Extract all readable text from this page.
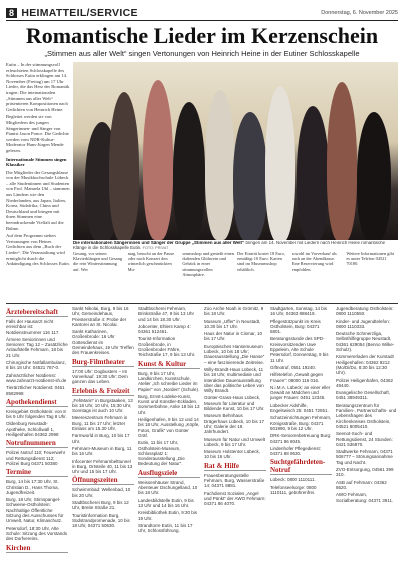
8 HEIMATTEIL/SERVICE	Donnerstag, 6. November 2025
Romantische Lieder im Kerzenschein
„Stimmen aus aller Welt“ singen Vertonungen von Heinrich Heine in der Eutiner Schlosskapelle

Eutin – In der stimmungsvoll erleuchteten Schlosskapelle des Schlosses Eutin erklingen am 14. November (Freitag) um 17 Uhr Lieder, die das Herz der Romantik tragen: Die internationalen „Stimmen aus aller Welt“ präsentieren Kompositionen nach Gedichten von Heinrich Heine.

Begleitet werden sie von Mitgliedern des jungen Sängerinnen- und Sänger von Pianist Jason Ponce. Die Gedichte werden vom NDR-Kultur-Moderator Hans-Jürgen Mende gelesen.

Internationale Stimmen singen Klassiker

Die Mitglieder der Gesangsklasse von der Musikhochschule Lübeck – alle Studentinnen und Studenten von Prof. Manuela Uhl – stammen aus Ländern wie den Niederlanden, aus Japan, Italien, Korea, Südafrika, China und Deutschland und bringen mit ihren Stimmen eine beeindruckende Vielfalt auf die Bühne.

Auf dem Programm stehen Vertonungen von Heines Gedichten aus dem „Buch der Lieder“. Die Veranstaltung wird ermöglicht durch die Ankündigung des Schlosses Eutin.

Die internationalen Sängerinnen und Sänger der Gruppe „Stimmen aus aller Welt“ bringen am 14. November mit Liedern nach Heinrich Heine romantische Klänge in die Schlosskapelle Eutin. FOTO: PRIVAT
Gesang, vor seinen Klavierklängen und Gesang die rein Winterstimmung auf. Wer
mag, besucht an der Pause oder nach Konzert den winterlich geschmückten Mu-
seumsshop und genießt einen duftenden Glühwein und Gebäck in einer stimmungsvollen Atmosphäre.
Der Eintritt kostet 18 Euro, ermäßigt 10 Euro. Karten sind im Museumsshop erhältlich.
sowohl im Vorverkauf als auch an der Abendkasse. Eine Reservierung wird empfohlen.
Weitere Informationen gibt es unter Telefon 04521 70180.
Ärztebereitschaft

Falls der Hausarzt nicht erreichbar ist: Notdienstnummer 116 117.

Ärmere Seniorinnen und Senioren: Tag 12 – Zusätzliche Anlaufstelle Fehmarn, 18 bis 21 Uhr.

Chirurgische Notfallambulanz, 8 bis 18 Uhr: 04521 787-0.

Zahnärztlicher Notdienst: www.zahnarzt-notdienst-sh.de

Tierärztlicher Notdienst: 0461 8582998

Apothekendienst

Kreisgebiet Ostholstein: von 8 bis 9 Uhr folgenden Tag 8 Uhr.

Oldenburg Neustadt-Apotheke, Schloßwall 1, Heiligenhafen 04362 2998

Notrufnummern

Polizei Notruf 110; Feuerwehr und Rettungsdienst 112; Polizei Burg 04371 50380

Termine

Burg, 14 bis 17:30 Uhr, St. Christian D., Hans Thoma, Jugendfreizeit.

Burg, 18 Uhr, Stirnspangel-Schweine-Ostholstein: Nachhaltige Öffentliche Sitzung des Ausschusses für Umwelt, Natur, Klimaschutz.

Petersdorf, 18:30 Uhr, Alte Schule: Sitzung des Vorstands des Dorfvereins.

Kirchen

Sankt Nikolai, Burg, 9 bis 16 Uhr, Gemeindehaus, Priesterstraße 4: Probe der Kantorei an St. Nicolai.

Sankt Katharinen, Großenbrode: 16 Uhr Gottesdienst im Gemeindehaus, 19 Uhr Treffen des Frauenkreises.

Burg-Filmtheater

17:00 Uhr: Dogbusters – Im Vorverkauf. 19:30 Uhr: Dem ganzen das Leben.

Erlebnis & Freizeit

„FehMarin“ in Burgstaaken, 13 bis 18 Uhr, 10 Uhr, 15:30 Uhr, Sonntags ist auch 10 Uhr.

Meereszentrum Fehmarn in Burg, 11 bis 17 Uhr; letzter Einlass um 15.30 Uhr.

Farmworld in Burg, 10 bis 17 Uhr.

Fehmarn-Museum in Burg, 11 bis 16 Uhr.

Infocenter Fehmarnbelttunnel in Burg, Ortsteile 40, 11 bis 13 Uhr und 15 bis 17 Uhr.

Öffnungszeiten

Schwimmbad: Wellenbad, 10 bis 20 Uhr.

Stadtbücherei Burg, 9 bis 12 Uhr, Breite Straße 21.

Touristinformation Burg, Südstrandpromenade, 10 bis 18 Uhr, 04371 50630.

Stadtbücherei Fehmarn, Brinkstraße 47, 9 bis 13 Uhr und 14 bis 18.30 Uhr.

Jobcenter, Ehlers Kamp 4: 04361 512461.

Tourist-Information Großenbrode, in Großenbroder Fähre, Teichstraße 17, 9 bis 13 Uhr.

Kunst & Kultur

Burg, 9 bis 17 Uhr, Landkirchen, Kunstschule, Atelier „Ich schreibe Lieder im Papier“ von „Norden“ (Schule).

Burg, Ernst-Lüdeke-Kunst, Kunst und Künstler-Eckladen, Sommerbühne, Anke 18 bis 13 Uhr.

Heiligenhafen, 9 bis 12 und 14 bis 18 Uhr, Ausstellung „Köpfe, Fotos, Grafik“ von Günter Gräf.

Eutin, 11 bis 17 Uhr, Ostholstein-Museum, Schlossplatz 1: Sonderausstellung „Die Bedeutung der Natur“.

Ausflugsziele

Weissenhäuser Strand, Abenteuer Dschungelland, 10 bis 18 Uhr.

Landesbildstelle Eutin, 9 bis 13 Uhr und 14 bis 16 Uhr.

Kreisbibliothek Eutin, 9:30 bis 19 Uhr.

Strandtorre Eutin, 11 bis 17 Uhr, Schlossführung.

Zoo Arche Noah in Grömitz, 9 bis 18 Uhr.

Museum „Uffer“ in Neustadt, 10.30 bis 17 Uhr.

Haus der Natur in Cismar, 10 bis 17 Uhr.

Europäisches Hansemuseum Lübeck, 10 bis 18 Uhr; Dauerausstellung „Die Hanse“ – eine faszinierende Zeitreise.

Willy-Brandt-Haus Lübeck, 11 bis 18 Uhr, multimediale und interaktive Dauerausstellung über das politische Leben von Willy Brandt.

Günter-Grass-Haus Lübeck, Museum für Literatur und Bildende Kunst, 10 bis 17 Uhr.

Museum Behnhaus Drägerhaus Lübeck, 10 bis 17 Uhr; Galerie der 19. Jahrhundert.

Museum für Natur und Umwelt Lübeck, 9 bis 17 Uhr.

Museum Holstentor Lübeck, 10 bis 16 Uhr.

Rat & Hilfe

Frauenberatungsstelle Fehmarn, Burg, Wasserstraße 14: 04371 8881.

Fachdienst Soziales „Angel und Pünkt“ der AWO Fehmarn: 04371 86 4070.

Stadtgarten, Sonntag, 14 bis 16 Uhr, 04363 888419.

Pflegestützpunkt im Kreis Ostholstein, Burg: 04371 5801.

Beratungsstunde des SPD-Kreisvorsitzenden Uwe Eppeleim, Alte Schule Petersdorf, Donnerstag, 9 bis 11 Uhr.

Giftnotruf, 0551 19240.

Hilfetelefon „Gewalt gegen Frauen“: 08000 116 016.

N.i.M.A. Lübeck: an einer eller Gewalt an Mädchen und junger Frauen: 0451 12345.

Lübecker Aidshilfe, Engelswisch 25: 0451 72551.

Schutzeinrichtungen Fehmarn, Königsstraße, Burg: 04371 501990, 9 bis 12 Uhr.

DRK-Seniorenbetreuung Burg: 04371 86 8045.

Lindenhofer Pflegedienst: 04371 88 9530.

Suchtgefährdeten-Notruf

Lübeck: 0800 1110111.

Telefonseelsorge: 0800 1110111, gebührenfrei.

Jugendberatung Ostholstein: 0800 1110550.

Kinder- und Jugendtelefon: 0800 1110333.

Deutsche Schmerzliga, Selbsthilfegruppe Neustadt, 04361 629054 (Benno Wilke-Schulz).

Kümmererladen der Kurstadt Heiligenhafen: 04362 9212 (Mo/Di/Do, 8:30 bis 12:30 Uhr).

Polizei Heiligenhafen, 04362 49440.

Evangelische Gesellschaft, 0451 38949311.

Beratungszentrum für Familien-, Partnerschafts- und Lebensfragen des Kirchenkreises Ostholstein, 04521 8005410.

Seenot-Such- und Rettungsdienst, 24 Stunden: 0421 536870.

Stadtwerke Fehmarn, 04371 506777 – Störungsannahme Tag und Nacht.

ZVO-Entsorgung, 04561 399 310.

ASB auf Fehmarn: 04362 8620.

AWO Fehmarn, Sozialberatung: 04371 3911.
